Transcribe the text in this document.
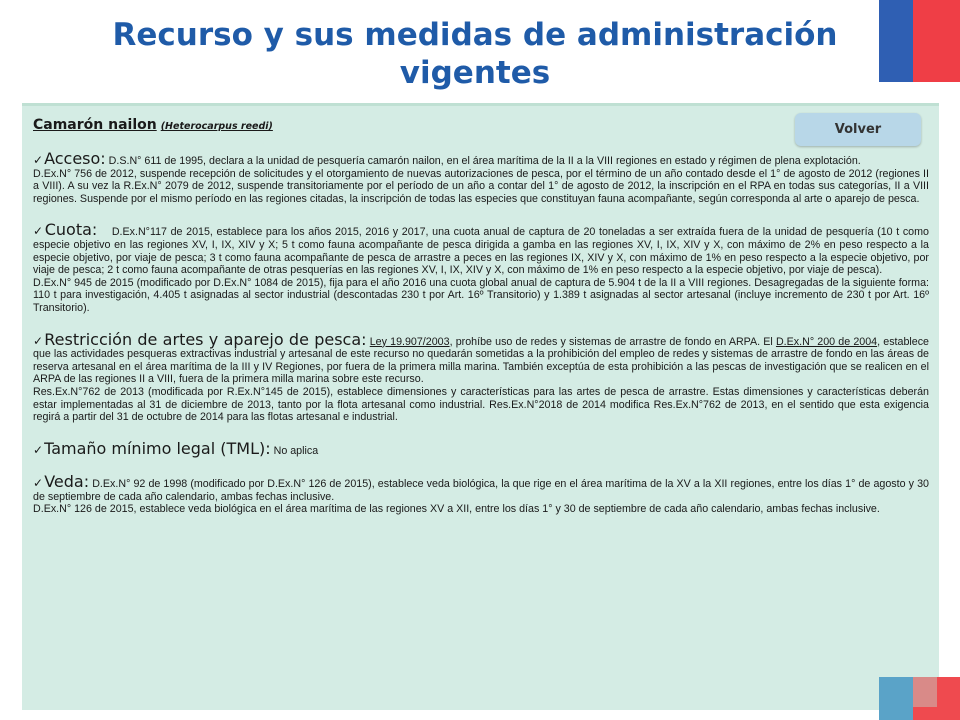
Recurso y sus medidas de administración vigentes
Camarón nailon (Heterocarpus reedi)

✓Acceso: D.S.N° 611 de 1995, declara a la unidad de pesquería camarón nailon, en el área marítima de la II a la VIII regiones en estado y régimen de plena explotación.

D.Ex.N° 756 de 2012, suspende recepción de solicitudes y el otorgamiento de nuevas autorizaciones de pesca, por el término de un año contado desde el 1° de agosto de 2012 (regiones II a VIII). A su vez la R.Ex.N° 2079 de 2012, suspende transitoriamente por el período de un año a contar del 1° de agosto de 2012, la inscripción en el RPA en todas sus categorías, II a VIII regiones. Suspende por el mismo período en las regiones citadas, la inscripción de todas las especies que constituyan fauna acompañante, según corresponda al arte o aparejo de pesca.

✓Cuota: D.Ex.N°117 de 2015, establece para los años 2015, 2016 y 2017, una cuota anual de captura de 20 toneladas a ser extraída fuera de la unidad de pesquería (10 t como especie objetivo en las regiones XV, I, IX, XIV y X; 5 t como fauna acompañante de pesca dirigida a gamba en las regiones XV, I, IX, XIV y X, con máximo de 2% en peso respecto a la especie objetivo, por viaje de pesca; 3 t como fauna acompañante de pesca de arrastre a peces en las regiones IX, XIV y X, con máximo de 1% en peso respecto a la especie objetivo, por viaje de pesca; 2 t como fauna acompañante de otras pesquerías en las regiones XV, I, IX, XIV y X, con máximo de 1% en peso respecto a la especie objetivo, por viaje de pesca).

D.Ex.N° 945 de 2015 (modificado por D.Ex.N° 1084 de 2015), fija para el año 2016 una cuota global anual de captura de 5.904 t de la II a VIII regiones. Desagregadas de la siguiente forma: 110 t para investigación, 4.405 t asignadas al sector industrial (descontadas 230 t por Art. 16º Transitorio) y 1.389 t asignadas al sector artesanal (incluye incremento de 230 t por Art. 16º Transitorio).

✓Restricción de artes y aparejo de pesca: Ley 19.907/2003, prohíbe uso de redes y sistemas de arrastre de fondo en ARPA. El D.Ex.N° 200 de 2004, establece que las actividades pesqueras extractivas industrial y artesanal de este recurso no quedarán sometidas a la prohibición del empleo de redes y sistemas de arrastre de fondo en las áreas de reserva artesanal en el área marítima de la III y IV Regiones, por fuera de la primera milla marina. También exceptúa de esta prohibición a las pescas de investigación que se realicen en el ARPA de las regiones II a VIII, fuera de la primera milla marina sobre este recurso.

Res.Ex.N°762 de 2013 (modificada por R.Ex.N°145 de 2015), establece dimensiones y características para las artes de pesca de arrastre. Estas dimensiones y características deberán estar implementadas al 31 de diciembre de 2013, tanto por la flota artesanal como industrial. Res.Ex.N°2018 de 2014 modifica Res.Ex.N°762 de 2013, en el sentido que esta exigencia regirá a partir del 31 de octubre de 2014 para las flotas artesanal e industrial.

✓Tamaño mínimo legal (TML): No aplica

✓Veda: D.Ex.N° 92 de 1998 (modificado por D.Ex.N° 126 de 2015), establece veda biológica, la que rige en el área marítima de la XV a la XII regiones, entre los días 1° de agosto y 30 de septiembre de cada año calendario, ambas fechas inclusive.

D.Ex.N° 126 de 2015, establece veda biológica en el área marítima de las regiones XV a XII, entre los días 1° y 30 de septiembre de cada año calendario, ambas fechas inclusive.

Volver
